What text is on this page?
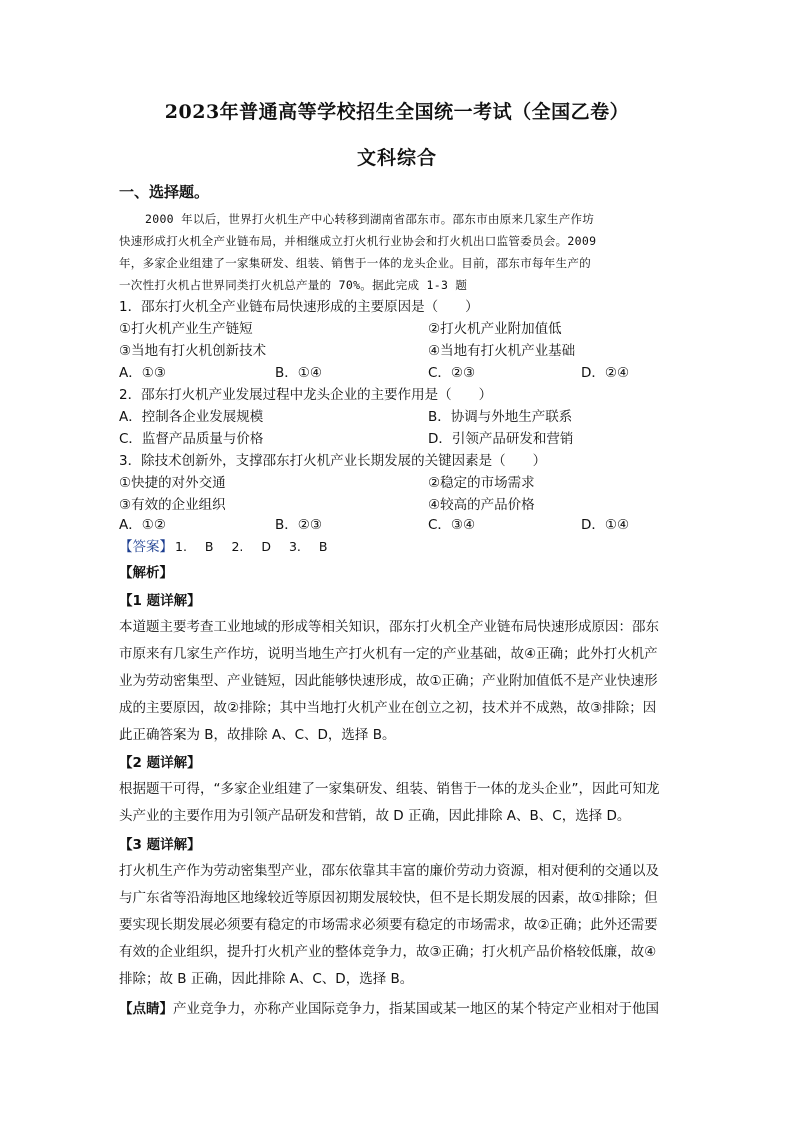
2023年普通高等学校招生全国统一考试（全国乙卷）
文科综合
一、选择题。
2000 年以后，世界打火机生产中心转移到湖南省邵东市。邵东市由原来几家生产作坊
快速形成打火机全产业链布局，并相继成立打火机行业协会和打火机出口监管委员会。2009
年，多家企业组建了一家集研发、组装、销售于一体的龙头企业。目前，邵东市每年生产的
一次性打火机占世界同类打火机总产量的 70%。据此完成 1-3 题
1．邵东打火机全产业链布局快速形成的主要原因是（　　）
①打火机产业生产链短	②打火机产业附加值低
③当地有打火机创新技术	④当地有打火机产业基础
A．①③	B．①④	C．②③	D．②④
2．邵东打火机产业发展过程中龙头企业的主要作用是（　　）
A．控制各企业发展规模	B．协调与外地生产联系
C．监督产品质量与价格	D．引领产品研发和营销
3．除技术创新外，支撑邵东打火机产业长期发展的关键因素是（　　）
①快捷的对外交通	②稳定的市场需求
③有效的企业组织	④较高的产品价格
A．①②	B．②③	C．③④	D．①④
【答案】 1. B 2. D 3. B
【解析】
【1 题详解】
本道题主要考查工业地域的形成等相关知识，邵东打火机全产业链布局快速形成原因：邵东
市原来有几家生产作坊，说明当地生产打火机有一定的产业基础，故④正确；此外打火机产
业为劳动密集型、产业链短，因此能够快速形成，故①正确；产业附加值低不是产业快速形
成的主要原因，故②排除；其中当地打火机产业在创立之初，技术并不成熟，故③排除；因
此正确答案为 B，故排除 A、C、D，选择 B。
【2 题详解】
根据题干可得，“多家企业组建了一家集研发、组装、销售于一体的龙头企业”，因此可知龙
头产业的主要作用为引领产品研发和营销，故 D 正确，因此排除 A、B、C，选择 D。
【3 题详解】
打火机生产作为劳动密集型产业，邵东依靠其丰富的廉价劳动力资源，相对便利的交通以及
与广东省等沿海地区地缘较近等原因初期发展较快，但不是长期发展的因素，故①排除；但
要实现长期发展必须要有稳定的市场需求必须要有稳定的市场需求，故②正确；此外还需要
有效的企业组织，提升打火机产业的整体竞争力，故③正确；打火机产品价格较低廉，故④
排除；故 B 正确，因此排除 A、C、D，选择 B。
【点睛】产业竞争力，亦称产业国际竞争力，指某国或某一地区的某个特定产业相对于他国
